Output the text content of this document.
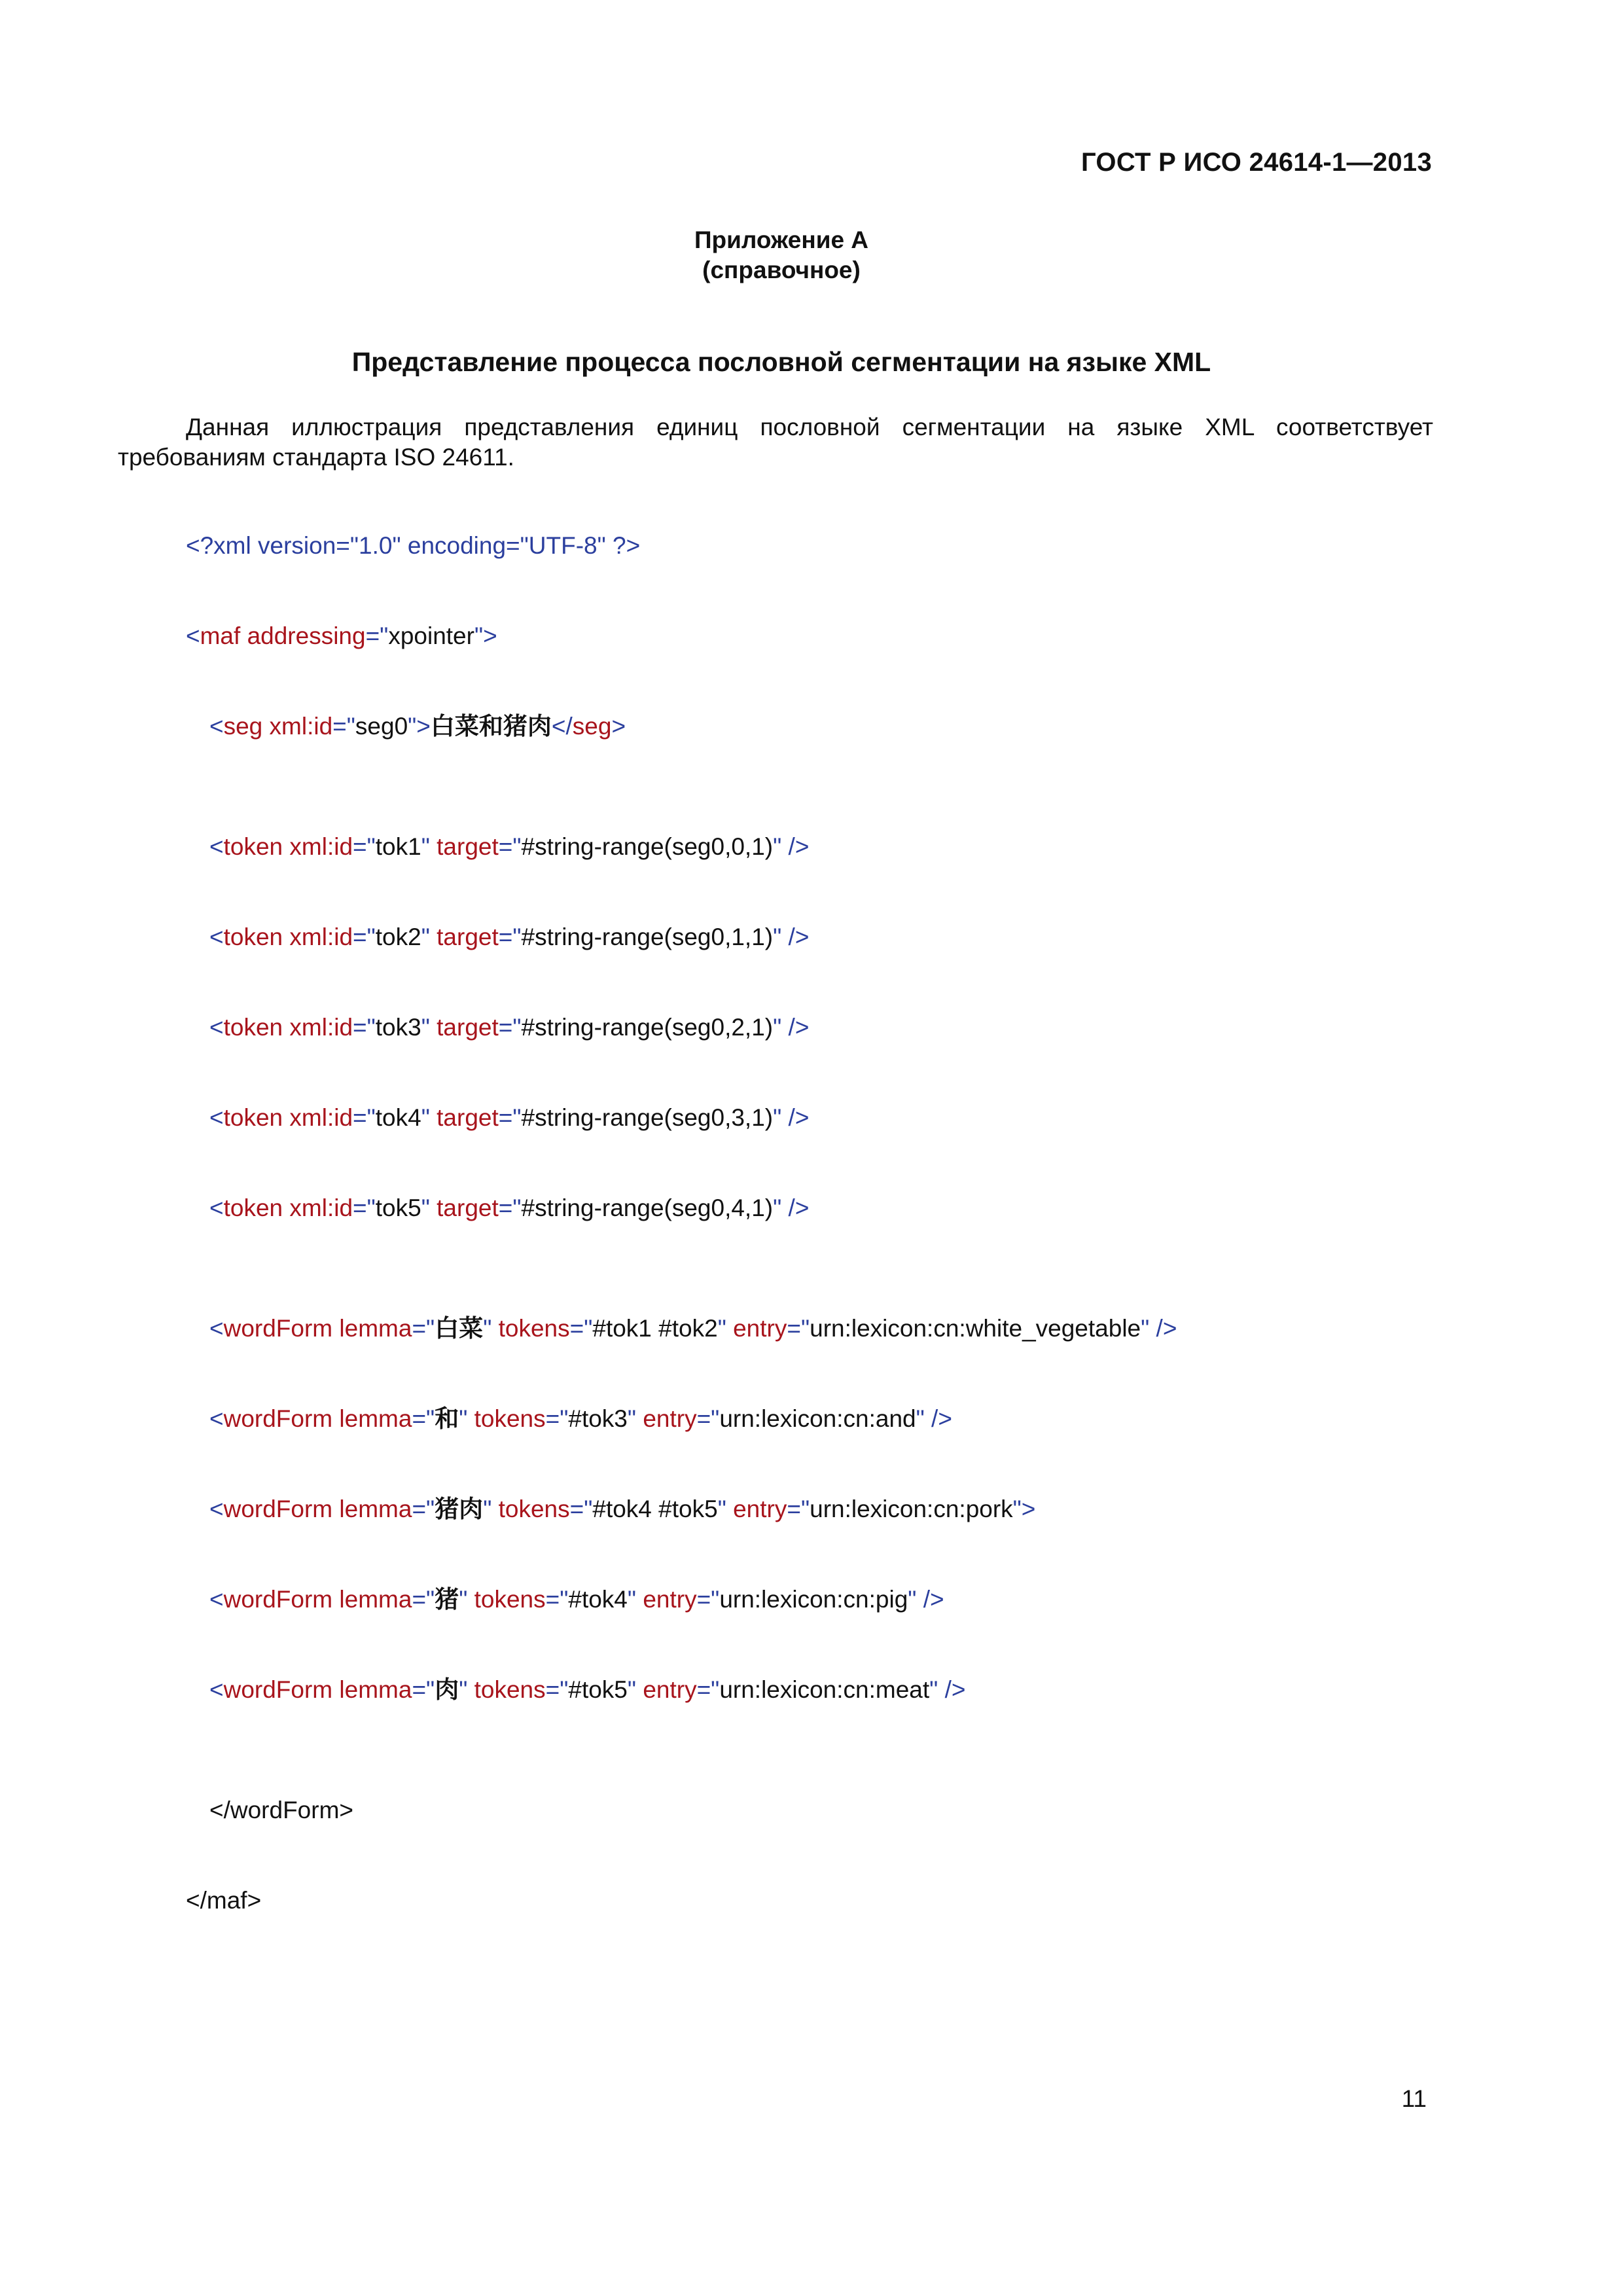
ГОСТ Р ИСО 24614-1—2013
Приложение А
(справочное)
Представление процесса пословной сегментации на языке XML
Данная иллюстрация представления единиц пословной сегментации на языке XML соответствует требованиям стандарта ISO 24611.

<?xml version="1.0" encoding="UTF-8" ?>

<maf addressing="xpointer">

<seg xml:id="seg0">白菜和猪肉</seg>

<token xml:id="tok1" target="#string-range(seg0,0,1)" />

<token xml:id="tok2" target="#string-range(seg0,1,1)" />

<token xml:id="tok3" target="#string-range(seg0,2,1)" />

<token xml:id="tok4" target="#string-range(seg0,3,1)" />

<token xml:id="tok5" target="#string-range(seg0,4,1)" />

<wordForm lemma="白菜" tokens="#tok1 #tok2" entry="urn:lexicon:cn:white_vegetable" />

<wordForm lemma="和" tokens="#tok3" entry="urn:lexicon:cn:and" />

<wordForm lemma="猪肉" tokens="#tok4 #tok5" entry="urn:lexicon:cn:pork">

<wordForm lemma="猪" tokens="#tok4" entry="urn:lexicon:cn:pig" />

<wordForm lemma="肉" tokens="#tok5" entry="urn:lexicon:cn:meat" />

</wordForm>

</maf>

11
